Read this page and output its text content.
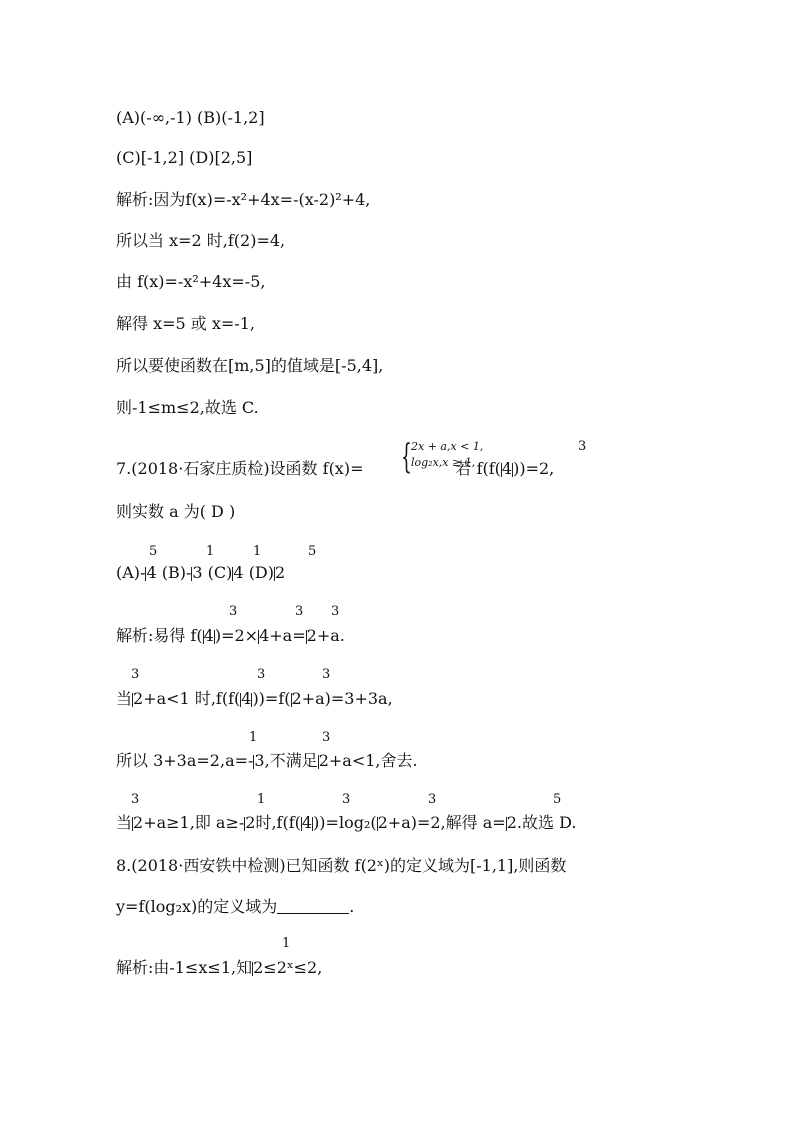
(A)(-∞,-1) (B)(-1,2]
(C)[-1,2] (D)[2,5]
解析:因为f(x)=-x²+4x=-(x-2)²+4,
所以当 x=2 时,f(2)=4,
由 f(x)=-x²+4x=-5,
解得 x=5 或 x=-1,
所以要使函数在[m,5]的值域是[-5,4],
则-1≤m≤2,故选 C.
7.(2018·石家庄质检)设函数 f(x)=	若 f(f(4))=2,
{ 2x + a,x < 1,
log₂x,x ≥ 1,
3
则实数 a 为( D )
5	1	1	5
(A)-4 (B)-3 (C)4 (D)2
3	3 3
解析:易得 f(4)=2×4+a=2+a.
3	3	3
当2+a<1 时,f(f(4))=f(2+a)=3+3a,
1	3
所以 3+3a=2,a=-3,不满足2+a<1,舍去.
3	1	3	3	5
当2+a≥1,即 a≥-2时,f(f(4))=log₂(2+a)=2,解得 a=2.故选 D.
8.(2018·西安铁中检测)已知函数 f(2ˣ)的定义域为[-1,1],则函数
y=f(log₂x)的定义域为	.
1
解析:由-1≤x≤1,知2≤2ˣ≤2,
